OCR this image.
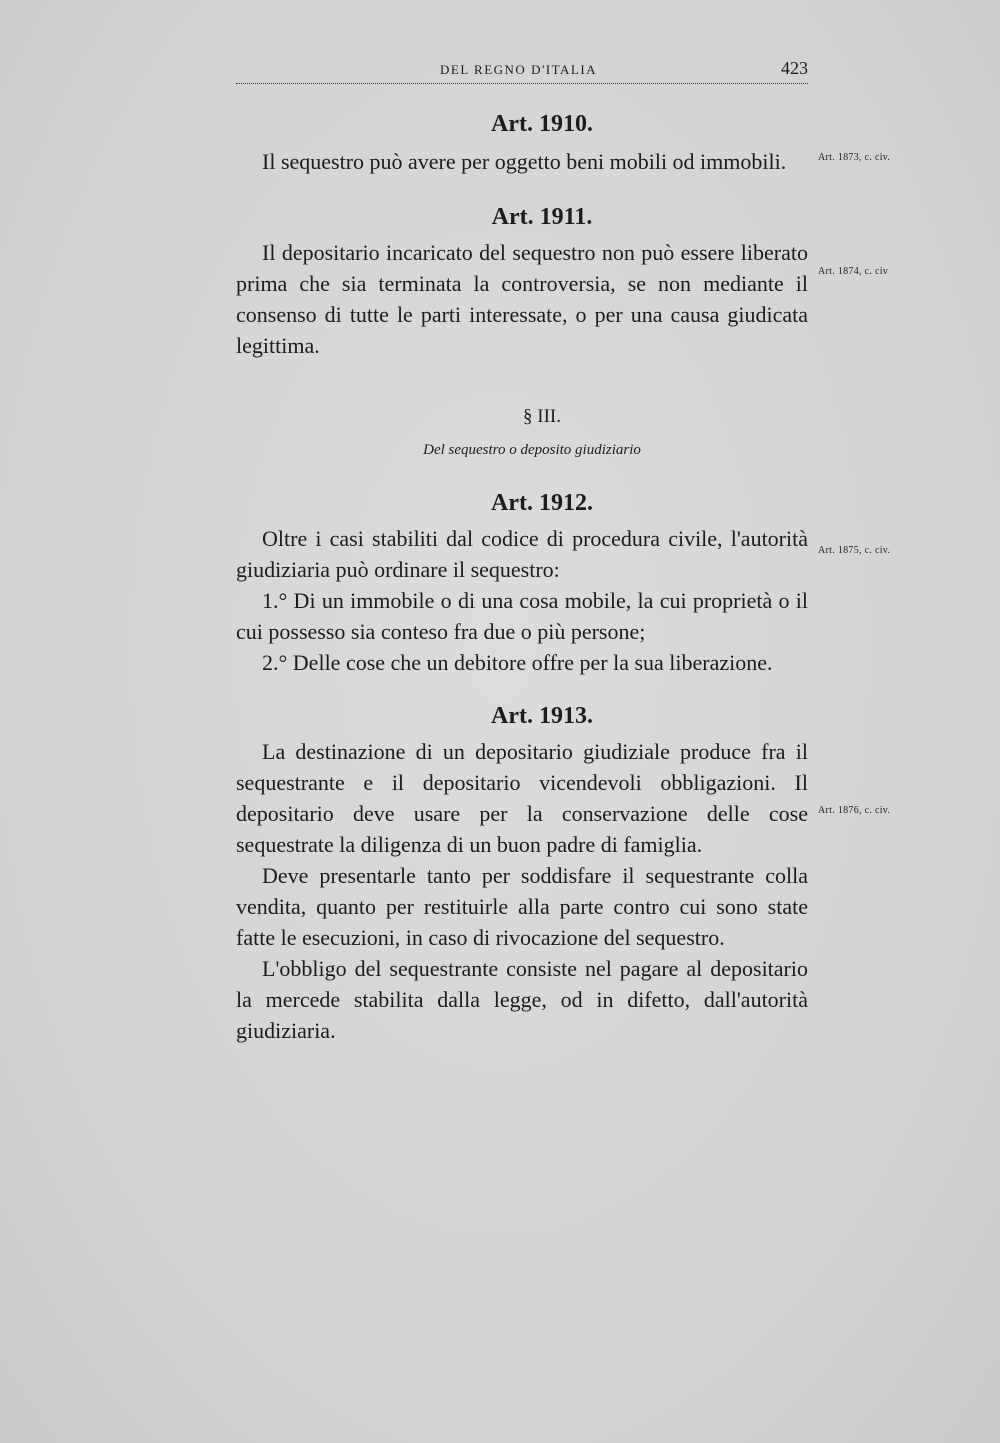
DEL REGNO D'ITALIA	423
Art. 1910.

Il sequestro può avere per oggetto beni mobili od immobili.

Art. 1911.

Il depositario incaricato del sequestro non può essere liberato prima che sia terminata la controversia, se non mediante il consenso di tutte le parti interessate, o per una causa giudicata legittima.

§ III.
Del sequestro o deposito giudiziario
Art. 1912.

Oltre i casi stabiliti dal codice di procedura civile, l'autorità giudiziaria può ordinare il sequestro:

1.° Di un immobile o di una cosa mobile, la cui proprietà o il cui possesso sia conteso fra due o più persone;

2.° Delle cose che un debitore offre per la sua liberazione.

Art. 1913.

La destinazione di un depositario giudiziale produce fra il sequestrante e il depositario vicendevoli obbligazioni. Il depositario deve usare per la conservazione delle cose sequestrate la diligenza di un buon padre di famiglia.

Deve presentarle tanto per soddisfare il sequestrante colla vendita, quanto per restituirle alla parte contro cui sono state fatte le esecuzioni, in caso di rivocazione del sequestro.

L'obbligo del sequestrante consiste nel pagare al depositario la mercede stabilita dalla legge, od in difetto, dall'autorità giudiziaria.

Art. 1873, c. civ.
Art. 1874, c. civ
Art. 1875, c. civ.
Art. 1876, c. civ.
